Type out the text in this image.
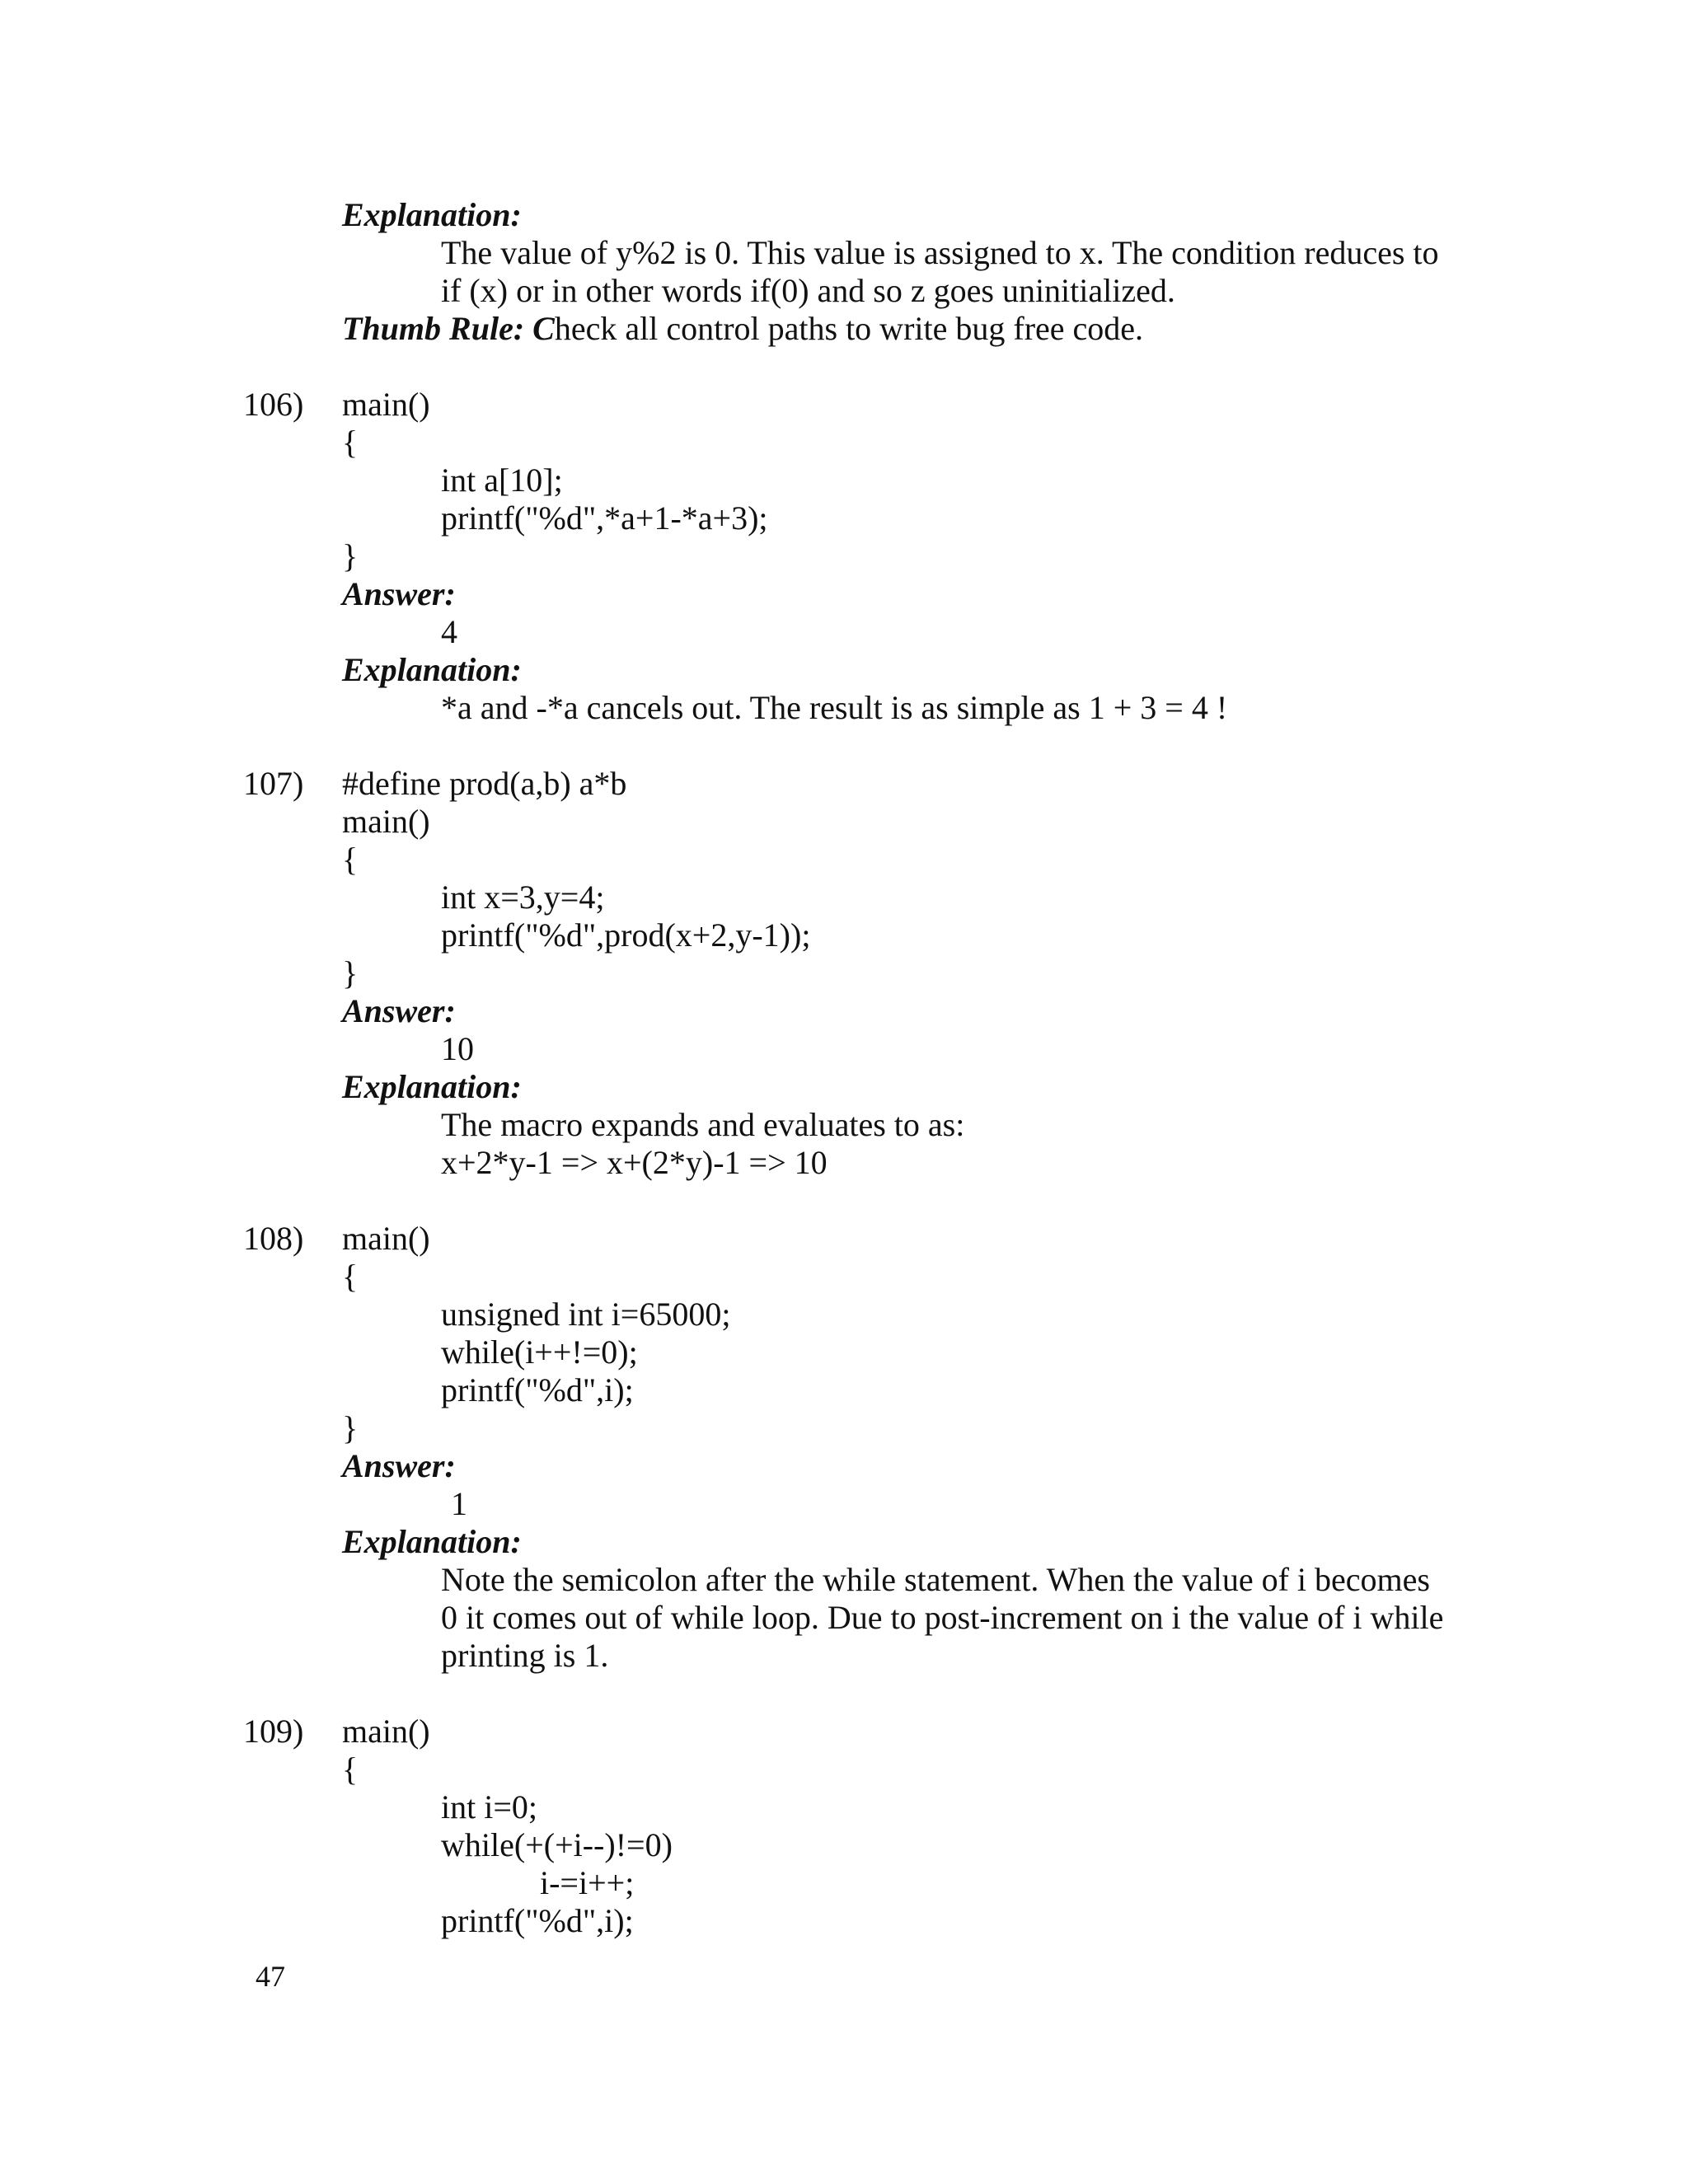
Explanation:
The value of y%2 is 0. This value is assigned to x. The condition reduces to
if (x) or in other words if(0) and so z goes uninitialized.
Thumb Rule: Check all control paths to write bug free code.
106) main()
{
int a[10];
printf("%d",*a+1-*a+3);
}
Answer:
4
Explanation:
*a and -*a cancels out. The result is as simple as 1 + 3 = 4 !
107) #define prod(a,b) a*b
main()
{
int x=3,y=4;
printf("%d",prod(x+2,y-1));
}
Answer:
10
Explanation:
The macro expands and evaluates to as:
x+2*y-1 => x+(2*y)-1 => 10
108) main()
{
unsigned int i=65000;
while(i++!=0);
printf("%d",i);
}
Answer:
1
Explanation:
Note the semicolon after the while statement. When the value of i becomes
0 it comes out of while loop. Due to post-increment on i the value of i while
printing is 1.
109) main()
{
int i=0;
while(+(+i--)!=0)
i-=i++;
printf("%d",i);
47
